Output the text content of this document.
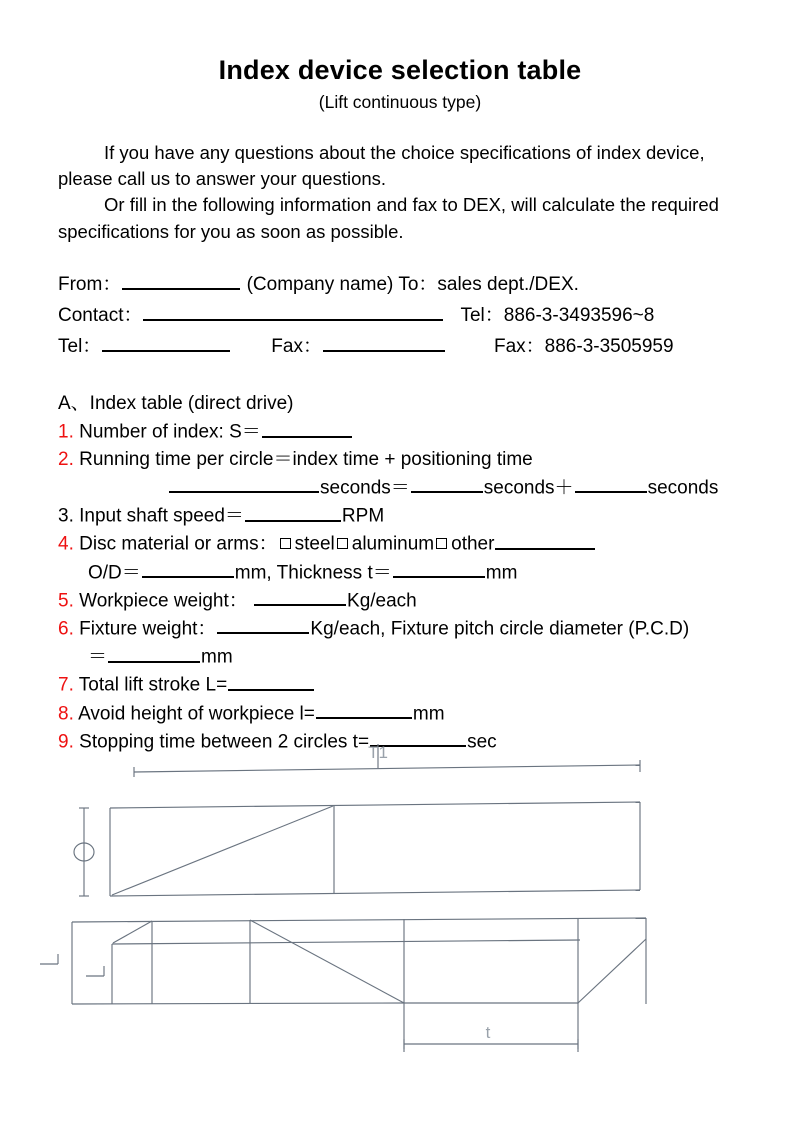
Index device selection table
(Lift continuous type)

If you have any questions about the choice specifications of index device, please call us to answer your questions.

Or fill in the following information and fax to DEX, will calculate the required specifications for you as soon as possible.

From：	(Company name) To：sales dept./DEX.
Contact：	Tel：886-3-3493596~8
Tel：	Fax：	Fax：886-3-3505959
A、Index table (direct drive)
1. Number of index: S＝
2. Running time per circle＝index time + positioning time
seconds＝	seconds＋	seconds
3. Input shaft speed＝	RPM
4. Disc material or arms： steel aluminum other
O/D＝	mm, Thickness t＝	mm
5. Workpiece weight：	Kg/each
6. Fixture weight：	Kg/each, Fixture pitch circle diameter (P.C.D)
＝	mm
7. Total lift stroke L=
8. Avoid height of workpiece l=	mm
9. Stopping time between 2 circles t=	sec
T1
t
